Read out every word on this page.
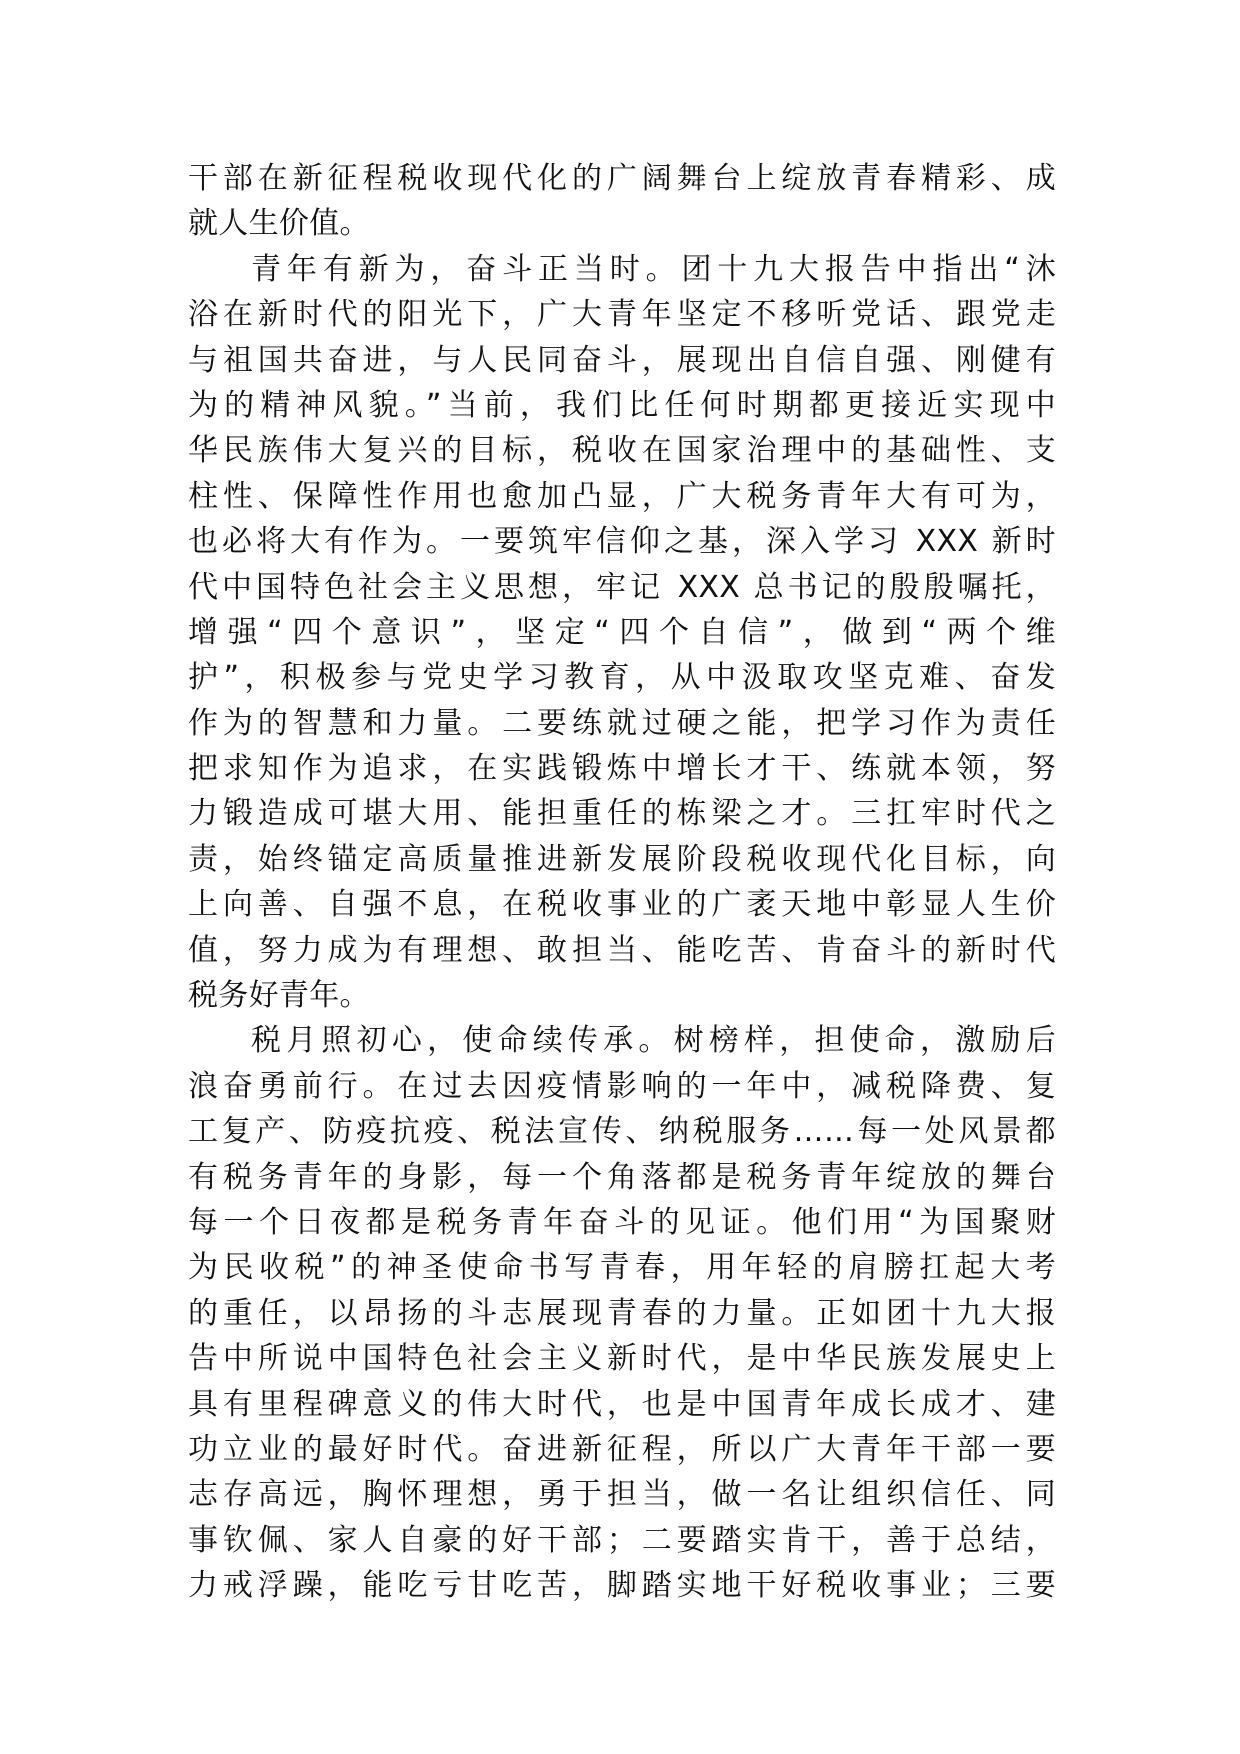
干部在新征程税收现代化的广阔舞台上绽放青春精彩、成
就人生价值。
青年有新为，奋斗正当时。团十九大报告中指出“沐
浴在新时代的阳光下，广大青年坚定不移听党话、跟党走
与祖国共奋进，与人民同奋斗，展现出自信自强、刚健有
为的精神风貌。”当前，我们比任何时期都更接近实现中
华民族伟大复兴的目标，税收在国家治理中的基础性、支
柱性、保障性作用也愈加凸显，广大税务青年大有可为，
也必将大有作为。一要筑牢信仰之基，深入学习 XXX 新时
代中国特色社会主义思想，牢记 XXX 总书记的殷殷嘱托，
增强“四个意识”，坚定“四个自信”，做到“两个维
护”，积极参与党史学习教育，从中汲取攻坚克难、奋发
作为的智慧和力量。二要练就过硬之能，把学习作为责任
把求知作为追求，在实践锻炼中增长才干、练就本领，努
力锻造成可堪大用、能担重任的栋梁之才。三扛牢时代之
责，始终锚定高质量推进新发展阶段税收现代化目标，向
上向善、自强不息，在税收事业的广袤天地中彰显人生价
值，努力成为有理想、敢担当、能吃苦、肯奋斗的新时代
税务好青年。
税月照初心，使命续传承。树榜样，担使命，激励后
浪奋勇前行。在过去因疫情影响的一年中，减税降费、复
工复产、防疫抗疫、税法宣传、纳税服务……每一处风景都
有税务青年的身影，每一个角落都是税务青年绽放的舞台
每一个日夜都是税务青年奋斗的见证。他们用“为国聚财
为民收税”的神圣使命书写青春，用年轻的肩膀扛起大考
的重任，以昂扬的斗志展现青春的力量。正如团十九大报
告中所说中国特色社会主义新时代，是中华民族发展史上
具有里程碑意义的伟大时代，也是中国青年成长成才、建
功立业的最好时代。奋进新征程，所以广大青年干部一要
志存高远，胸怀理想，勇于担当，做一名让组织信任、同
事钦佩、家人自豪的好干部；二要踏实肯干，善于总结，
力戒浮躁，能吃亏甘吃苦，脚踏实地干好税收事业；三要
